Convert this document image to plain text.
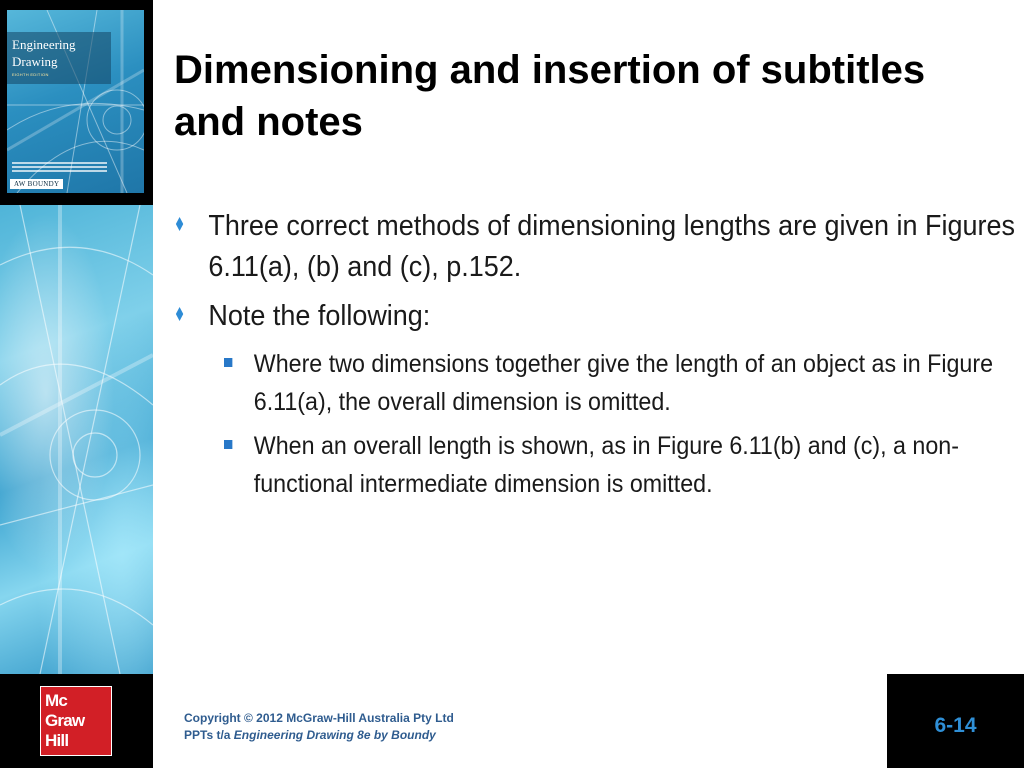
Engineering
Drawing
EIGHTH EDITION
AW BOUNDY
Dimensioning and insertion of subtitles and notes
Three correct methods of dimensioning lengths are given in Figures 6.11(a), (b) and (c), p.152.
Note the following:
Where two dimensions together give the length of an object as in Figure 6.11(a), the overall dimension is omitted.
When an overall length is shown, as in Figure 6.11(b) and (c), a non-functional intermediate dimension is omitted.
Mc
Graw
Hill
Copyright © 2012 McGraw-Hill Australia Pty Ltd
PPTs t/a Engineering Drawing 8e by Boundy	6-14
